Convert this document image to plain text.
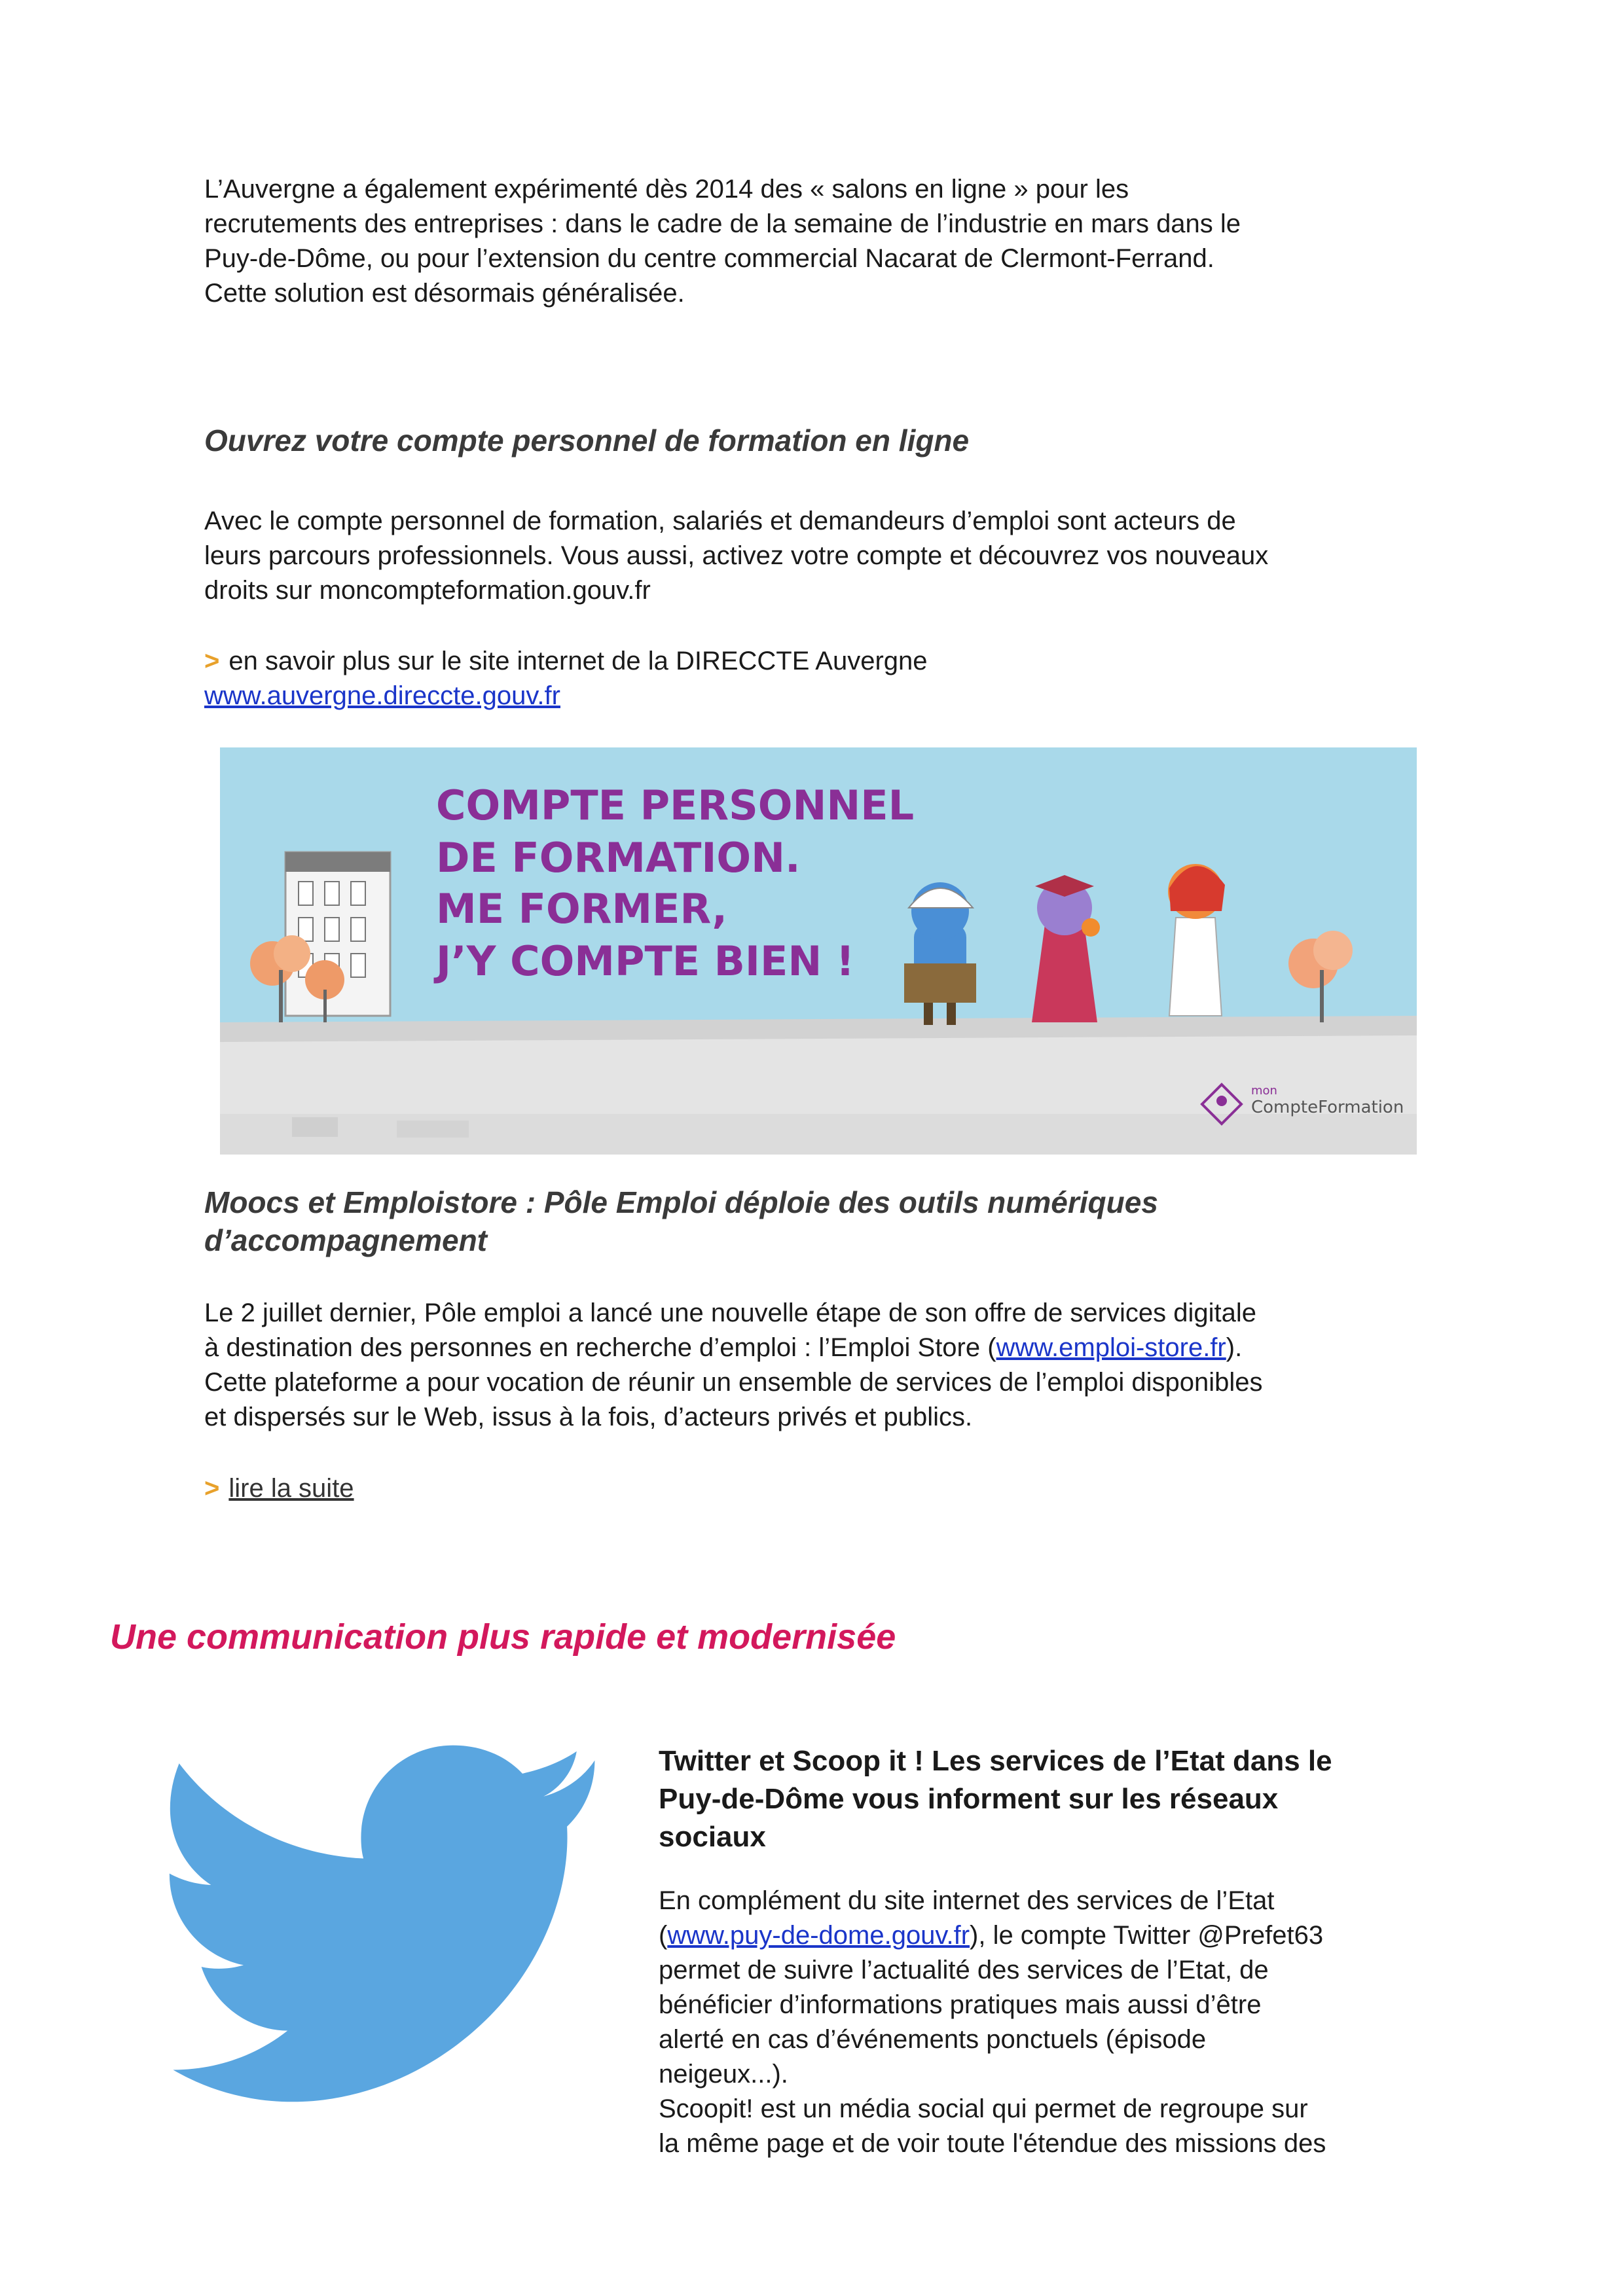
L’Auvergne a également expérimenté dès 2014 des « salons en ligne » pour les
recrutements des entreprises : dans le cadre de la semaine de l’industrie en mars dans le
Puy-de-Dôme, ou pour l’extension du centre commercial Nacarat de Clermont-Ferrand.
Cette solution est désormais généralisée.
Ouvrez votre compte personnel de formation en ligne
Avec le compte personnel de formation, salariés et demandeurs d’emploi sont acteurs de
leurs parcours professionnels. Vous aussi, activez votre compte et découvrez vos nouveaux
droits sur moncompteformation.gouv.fr
> en savoir plus sur le site internet de la DIRECCTE Auvergne
www.auvergne.direccte.gouv.fr
COMPTE PERSONNEL
DE FORMATION.
ME FORMER,
J’Y COMPTE BIEN !
mon
CompteFormation
Moocs et Emploistore : Pôle Emploi déploie des outils numériques
d’accompagnement
Le 2 juillet dernier, Pôle emploi a lancé une nouvelle étape de son offre de services digitale
à destination des personnes en recherche d’emploi : l’Emploi Store (www.emploi-store.fr).
Cette plateforme a pour vocation de réunir un ensemble de services de l’emploi disponibles
et dispersés sur le Web, issus à la fois, d’acteurs privés et publics.
> lire la suite
Une communication plus rapide et modernisée
Twitter et Scoop it ! Les services de l’Etat dans le
Puy-de-Dôme vous informent sur les réseaux
sociaux
En complément du site internet des services de l’Etat
(www.puy-de-dome.gouv.fr), le compte Twitter @Prefet63
permet de suivre l’actualité des services de l’Etat, de
bénéficier d’informations pratiques mais aussi d’être
alerté en cas d’événements ponctuels (épisode
neigeux...).
Scoopit! est un média social qui permet de regroupe sur
la même page et de voir toute l'étendue des missions des
